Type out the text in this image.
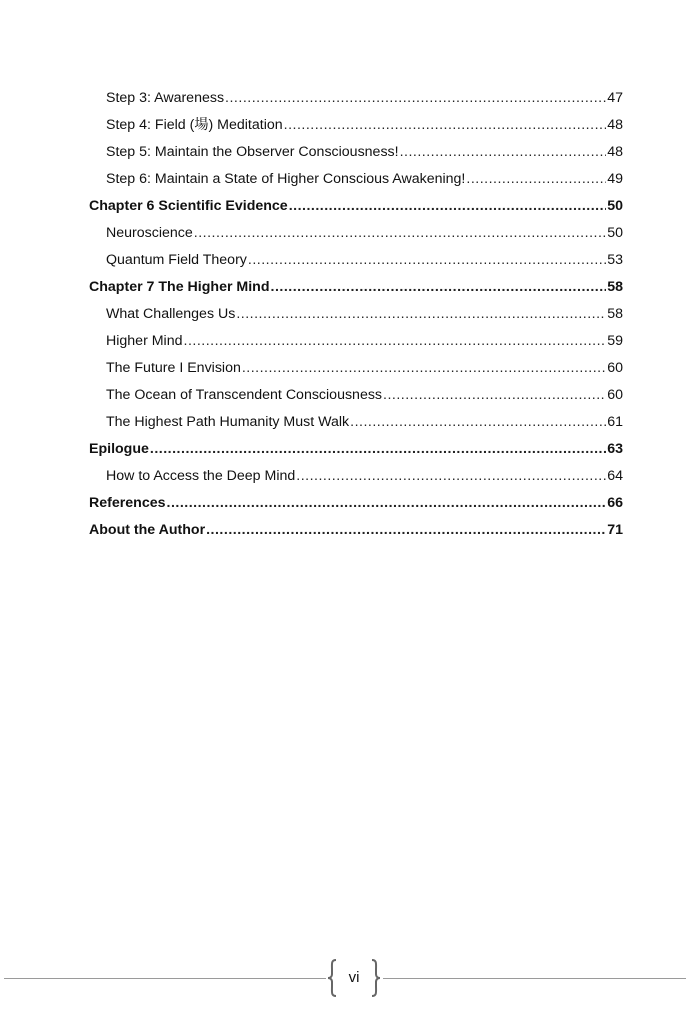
Step 3: Awareness .....	47
Step 4: Field (場) Meditation .....	48
Step 5: Maintain the Observer Consciousness! .....	48
Step 6: Maintain a State of Higher Conscious Awakening! .....	49
Chapter 6 Scientific Evidence .....	50
Neuroscience .....	50
Quantum Field Theory .....	53
Chapter 7 The Higher Mind .....	58
What Challenges Us .....	58
Higher Mind .....	59
The Future I Envision .....	60
The Ocean of Transcendent Consciousness .....	60
The Highest Path Humanity Must Walk .....	61
Epilogue .....	63
How to Access the Deep Mind .....	64
References .....	66
About the Author .....	71
vi
